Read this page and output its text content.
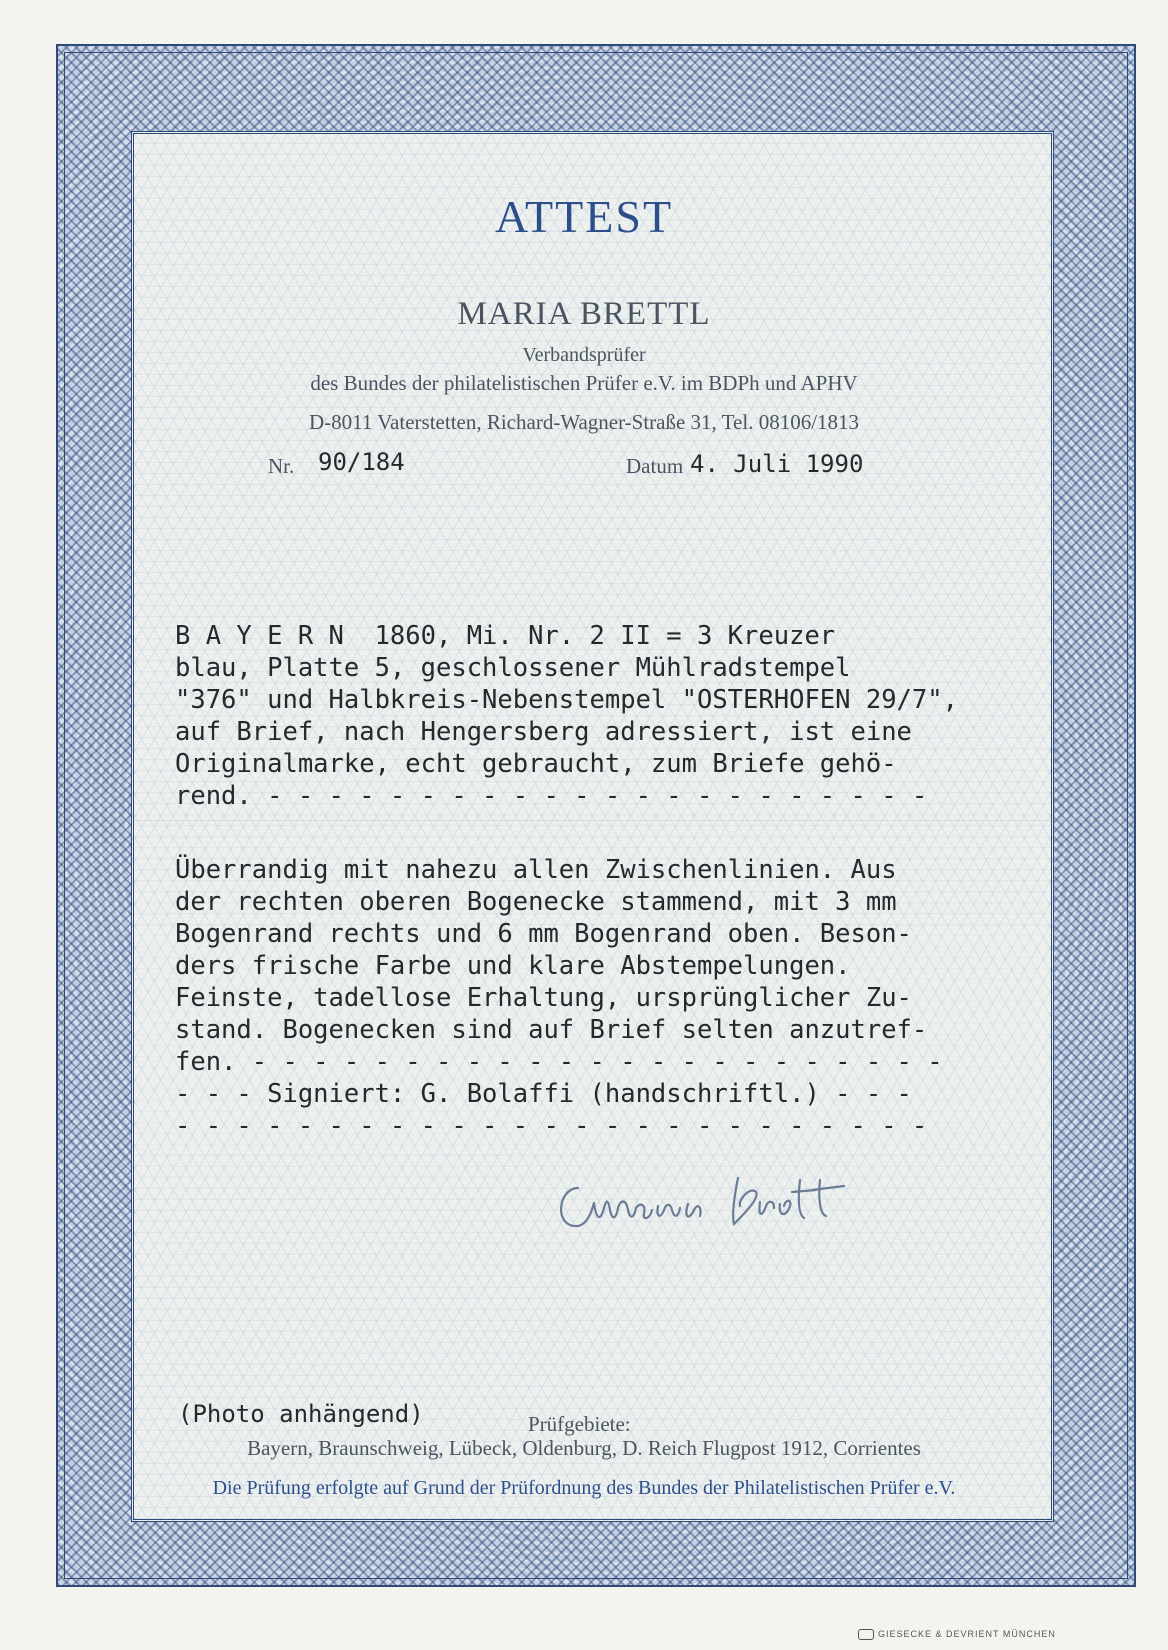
ATTEST
MARIA BRETTL
Verbandsprüfer
des Bundes der philatelistischen Prüfer e.V. im BDPh und APHV
D-8011 Vaterstetten, Richard-Wagner-Straße 31, Tel. 08106/1813
Nr. 90/184	Datum 4. Juli 1990
B A Y E R N  1860, Mi. Nr. 2 II = 3 Kreuzer
blau, Platte 5, geschlossener Mühlradstempel
"376" und Halbkreis-Nebenstempel "OSTERHOFEN 29/7",
auf Brief, nach Hengersberg adressiert, ist eine
Originalmarke, echt gebraucht, zum Briefe gehö-
rend. - - - - - - - - - - - - - - - - - - - - - -
Überrandig mit nahezu allen Zwischenlinien. Aus
der rechten oberen Bogenecke stammend, mit 3 mm
Bogenrand rechts und 6 mm Bogenrand oben. Beson-
ders frische Farbe und klare Abstempelungen.
Feinste, tadellose Erhaltung, ursprünglicher Zu-
stand. Bogenecken sind auf Brief selten anzutref-
fen. - - - - - - - - - - - - - - - - - - - - - - -
- - - Signiert: G. Bolaffi (handschriftl.) - - -
- - - - - - - - - - - - - - - - - - - - - - - - -
(Photo anhängend)	Prüfgebiete:
Bayern, Braunschweig, Lübeck, Oldenburg, D. Reich Flugpost 1912, Corrientes
Die Prüfung erfolgte auf Grund der Prüfordnung des Bundes der Philatelistischen Prüfer e.V.
GIESECKE & DEVRIENT MÜNCHEN
